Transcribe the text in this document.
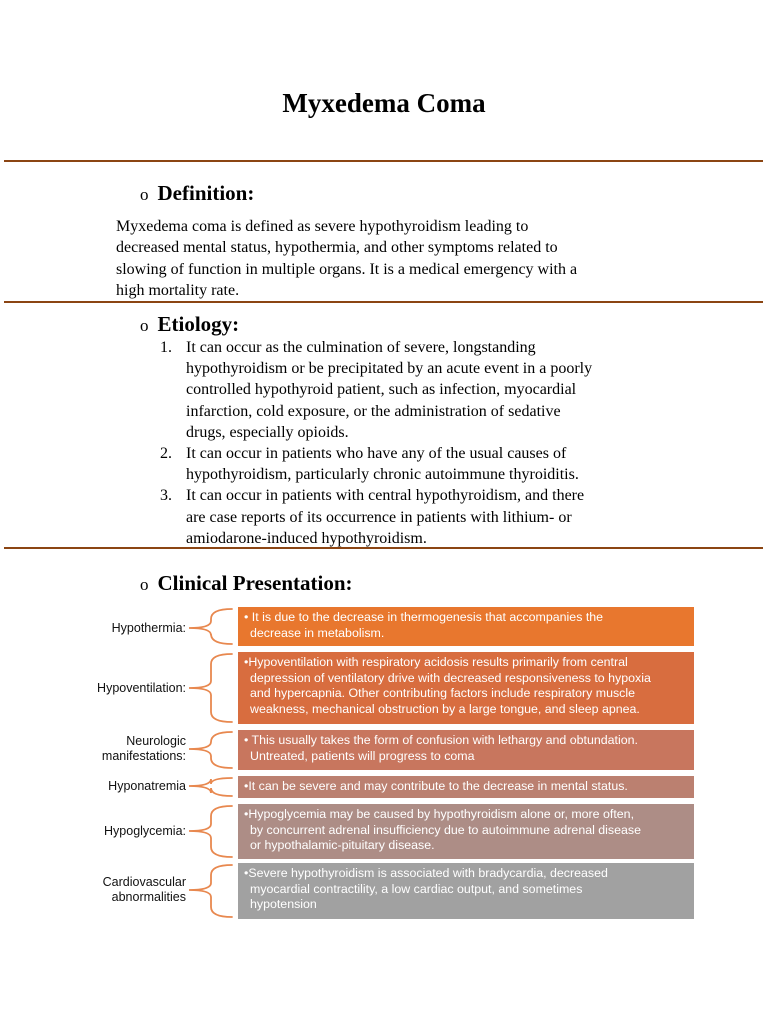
Myxedema Coma
o Definition:
Myxedema coma is defined as severe hypothyroidism leading to
decreased mental status, hypothermia, and other symptoms related to
slowing of function in multiple organs. It is a medical emergency with a
high mortality rate.
o Etiology:
1. It can occur as the culmination of severe, longstanding
hypothyroidism or be precipitated by an acute event in a poorly
controlled hypothyroid patient, such as infection, myocardial
infarction, cold exposure, or the administration of sedative
drugs, especially opioids.
2. It can occur in patients who have any of the usual causes of
hypothyroidism, particularly chronic autoimmune thyroiditis.
3. It can occur in patients with central hypothyroidism, and there
are case reports of its occurrence in patients with lithium- or
amiodarone-induced hypothyroidism.
o Clinical Presentation:
Hypothermia:
• It is due to the decrease in thermogenesis that accompanies the
decrease in metabolism.
Hypoventilation:
•Hypoventilation with respiratory acidosis results primarily from central
depression of ventilatory drive with decreased responsiveness to hypoxia
and hypercapnia. Other contributing factors include respiratory muscle
weakness, mechanical obstruction by a large tongue, and sleep apnea.
Neurologic
manifestations:
• This usually takes the form of confusion with lethargy and obtundation.
Untreated, patients will progress to coma
Hyponatremia	•It can be severe and may contribute to the decrease in mental status.
Hypoglycemia:
•Hypoglycemia may be caused by hypothyroidism alone or, more often,
by concurrent adrenal insufficiency due to autoimmune adrenal disease
or hypothalamic-pituitary disease.
Cardiovascular
abnormalities
•Severe hypothyroidism is associated with bradycardia, decreased
myocardial contractility, a low cardiac output, and sometimes
hypotension
